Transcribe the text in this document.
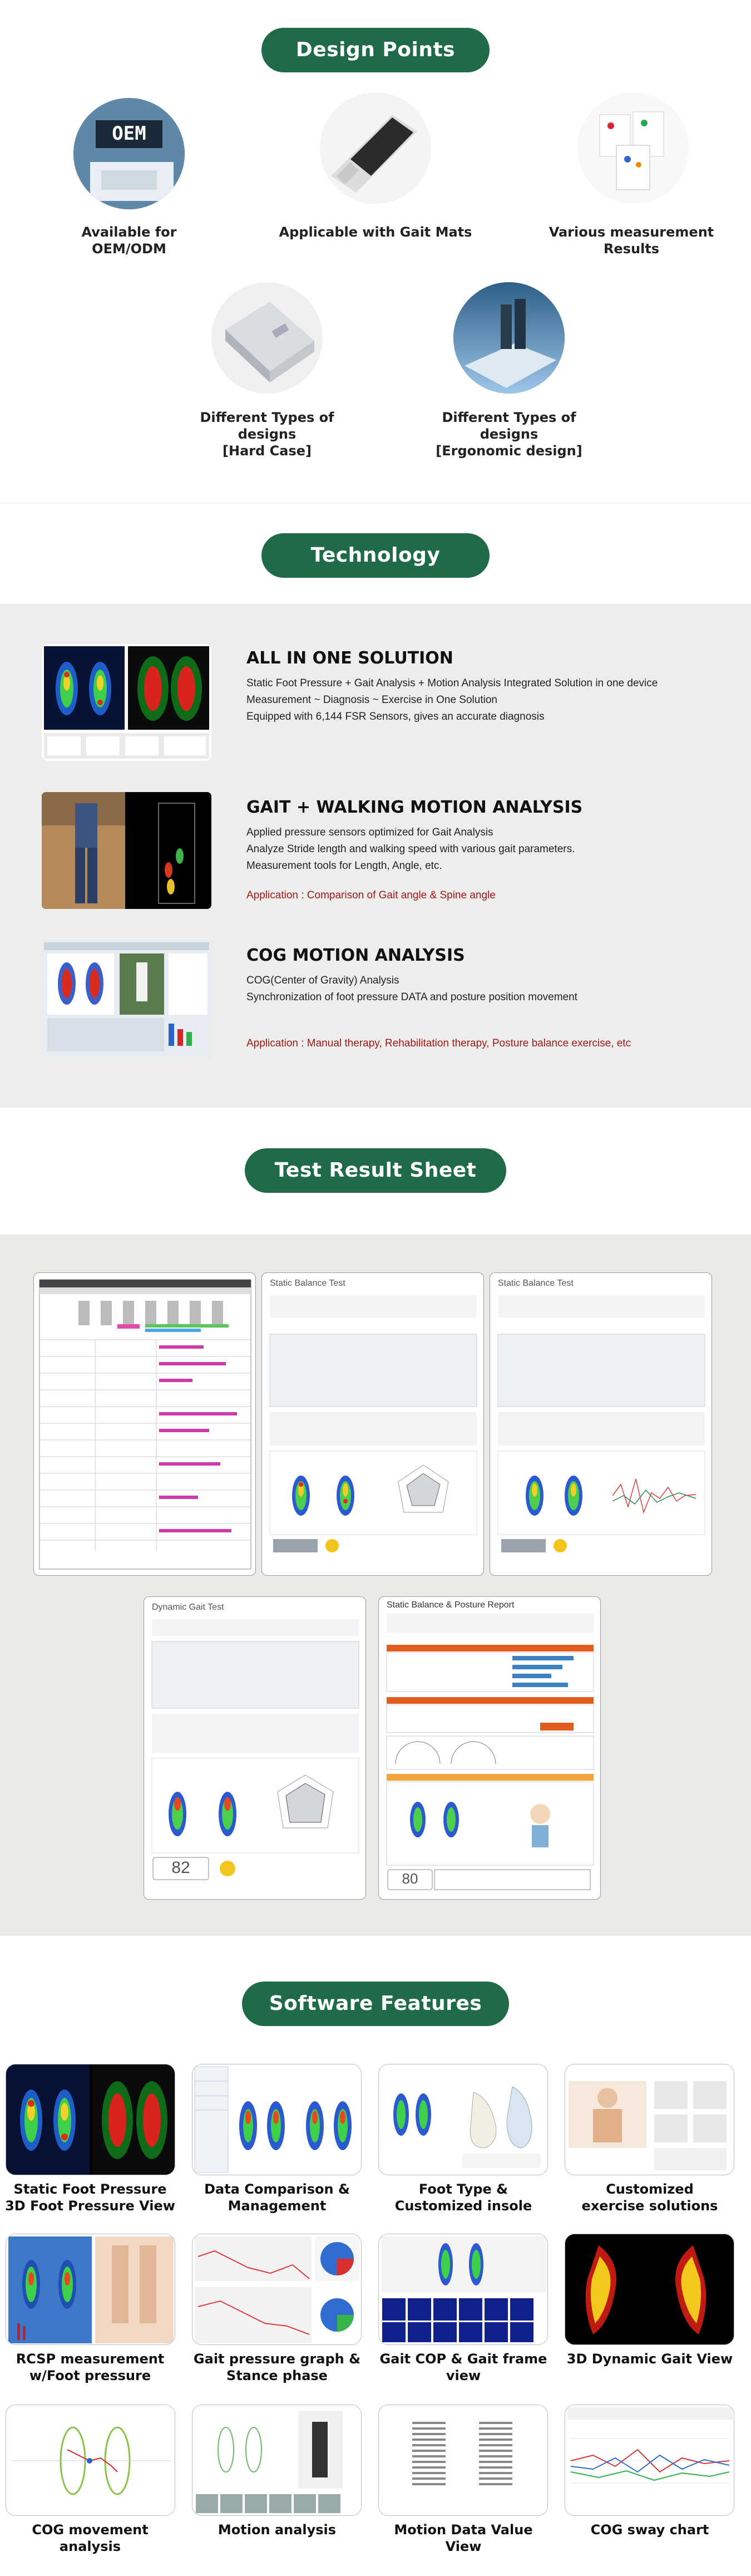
Design Points
OEM
Available for OEM/ODM
Applicable with Gait Mats	Various measurement Results
Different Types of designs
[Hard Case]
Different Types of designs
[Ergonomic design]
Technology
ALL IN ONE SOLUTION
Static Foot Pressure + Gait Analysis + Motion Analysis Integrated Solution in one device
Measurement ~ Diagnosis ~ Exercise in One Solution
Equipped with 6,144 FSR Sensors, gives an accurate diagnosis
GAIT + WALKING MOTION ANALYSIS
Applied pressure sensors optimized for Gait Analysis
Analyze Stride length and walking speed with various gait parameters.
Measurement tools for Length, Angle, etc.
Application : Comparison of Gait angle & Spine angle
COG MOTION ANALYSIS
COG(Center of Gravity) Analysis
Synchronization of foot pressure DATA and posture position movement
Application : Manual therapy, Rehabilitation therapy, Posture balance exercise, etc
Test Result Sheet
Static Balance Test	Static Balance Test
Dynamic Gait Test
82
Static Balance & Posture Report
80
Software Features
Static Foot Pressure
3D Foot Pressure View
Data Comparison &
Management
Foot Type &
Customized insole
Customized
exercise solutions
RCSP measurement
w/Foot pressure
Gait pressure graph &
Stance phase
Gait COP & Gait frame view
3D Dynamic Gait View
COG movement analysis
Motion analysis	Motion Data Value View
COG sway chart
